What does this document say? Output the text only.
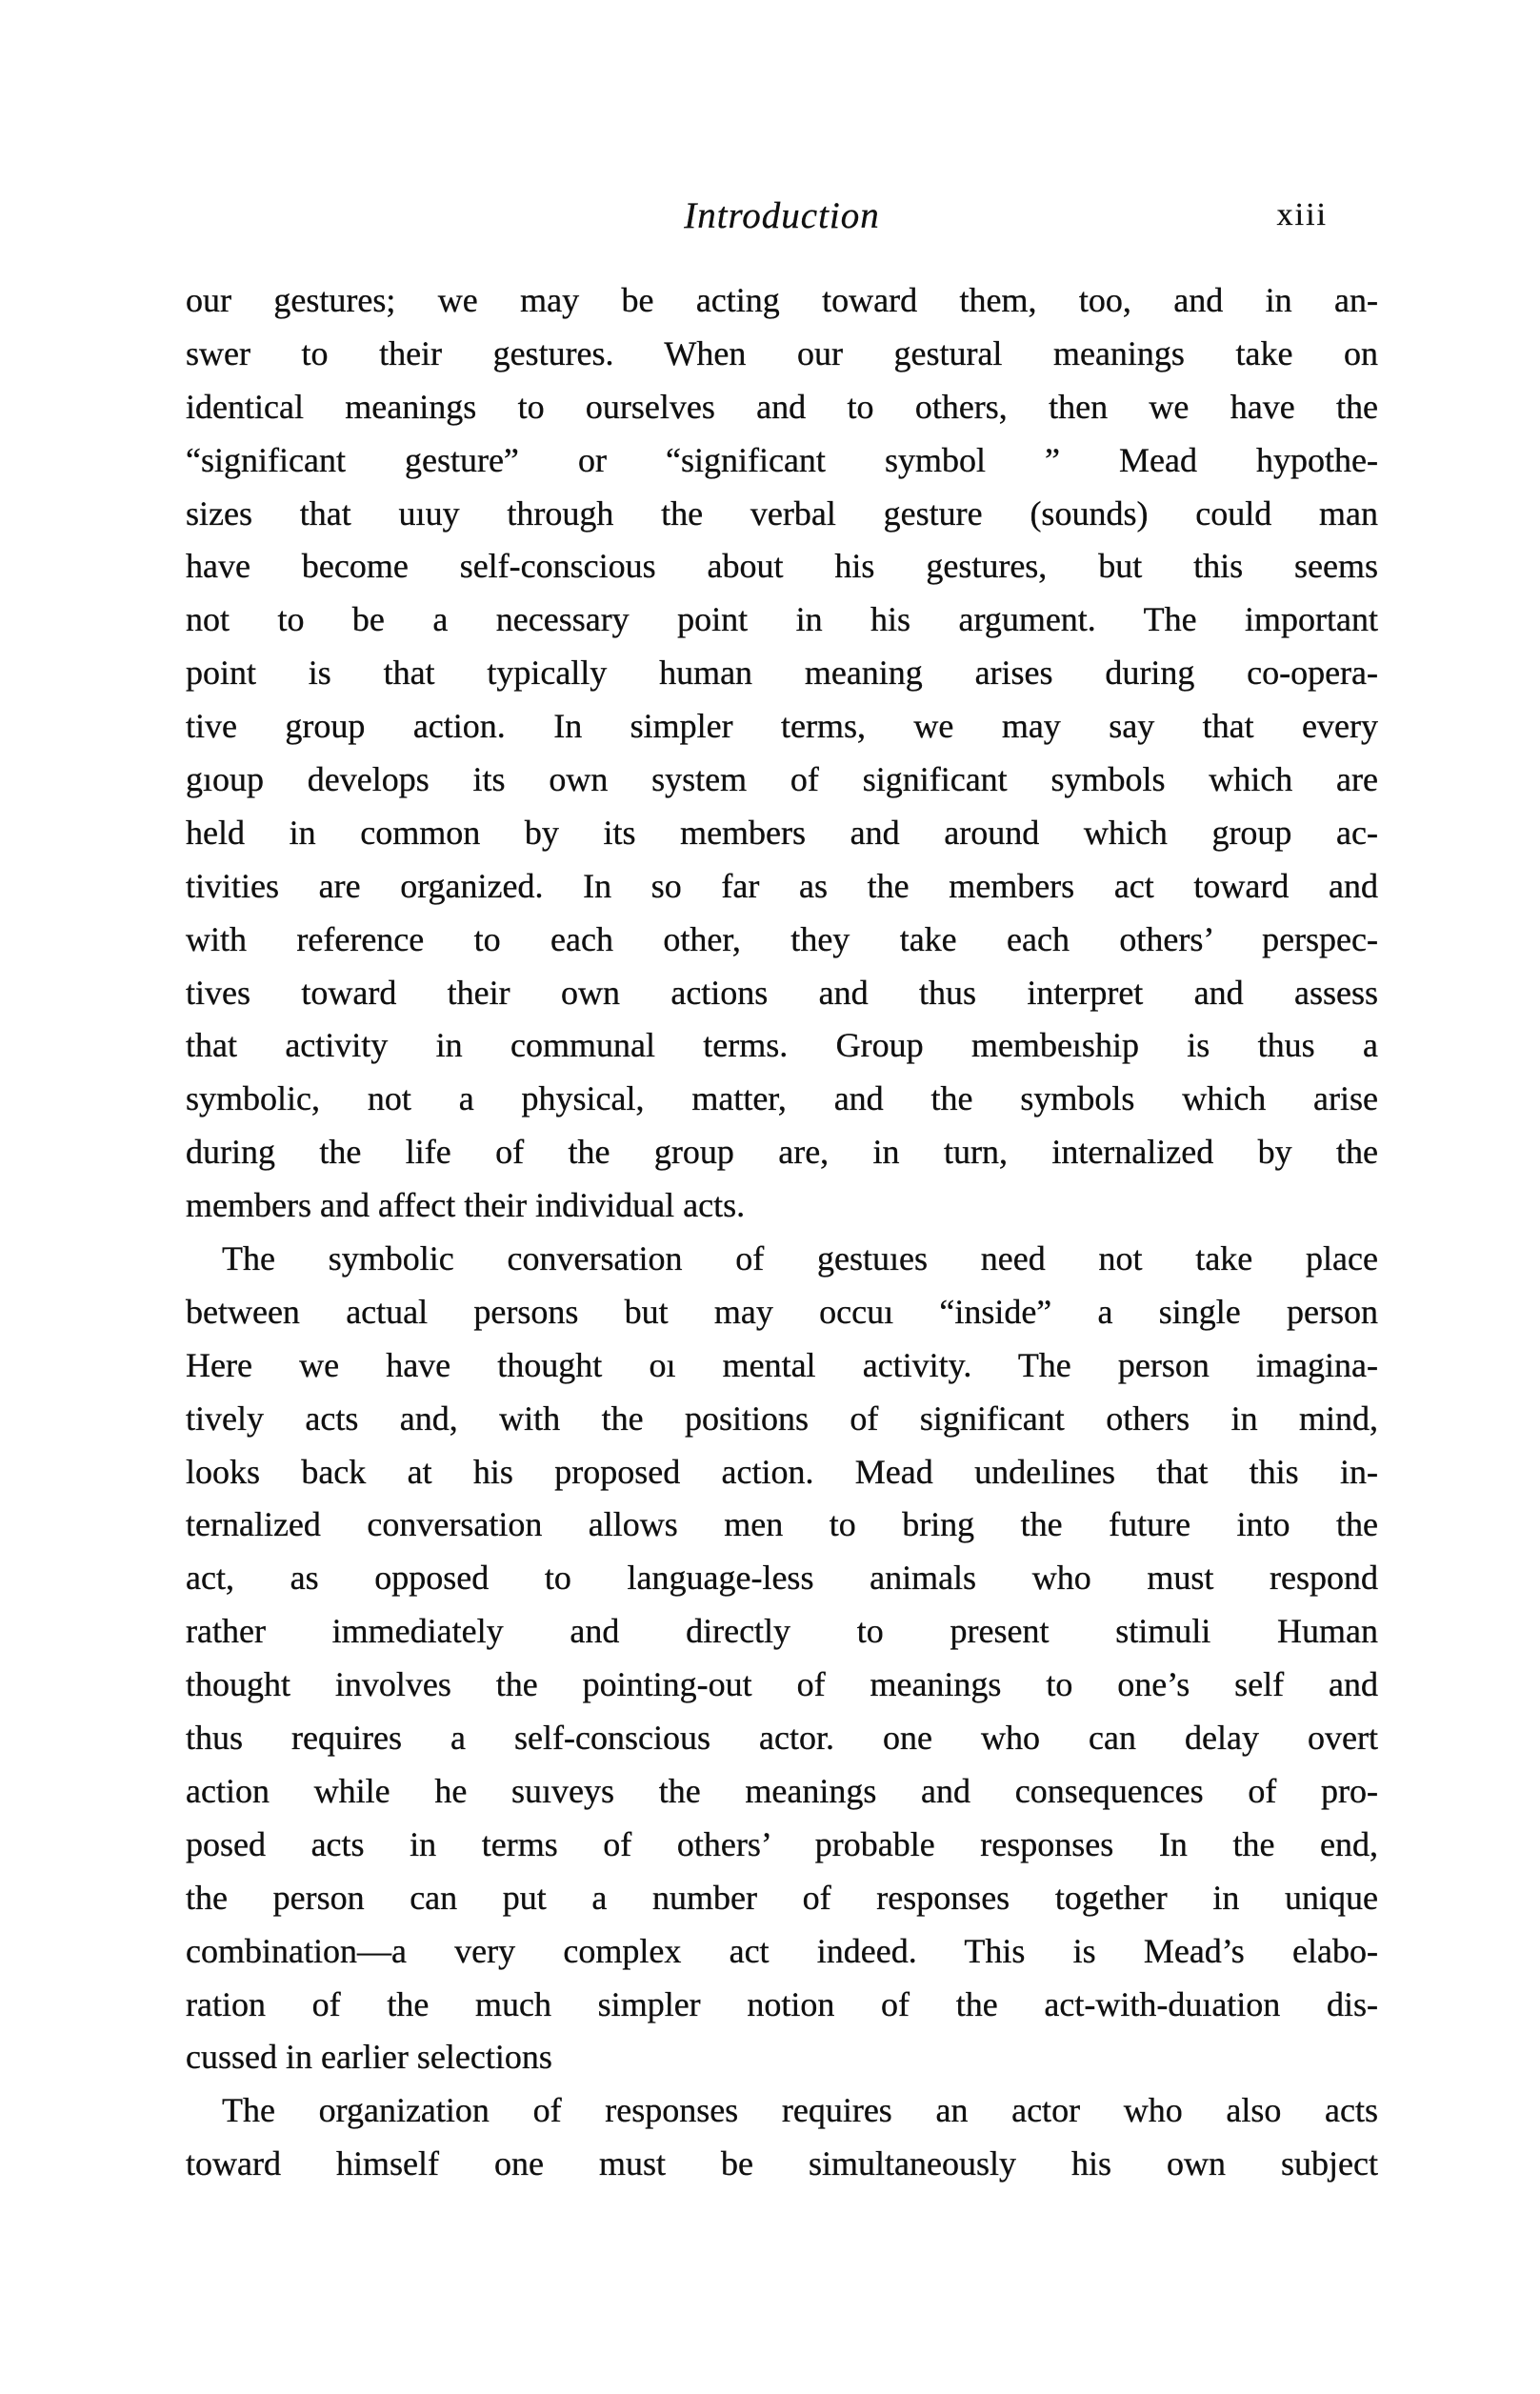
Introduction	xiii
our gestures; we may be acting toward them, too, and in an-
swer to their gestures. When our gestural meanings take on
identical meanings to ourselves and to others, then we have the
“significant gesture” or “significant symbol ” Mead hypothe-
sizes that uıuy through the verbal gesture (sounds) could man
have become self-conscious about his gestures, but this seems
not to be a necessary point in his argument. The important
point is that typically human meaning arises during co-opera-
tive group action. In simpler terms, we may say that every
gıoup develops its own system of significant symbols which are
held in common by its members and around which group ac-
tivities are organized. In so far as the members act toward and
with reference to each other, they take each others’ perspec-
tives toward their own actions and thus interpret and assess
that activity in communal terms. Group membeıship is thus a
symbolic, not a physical, matter, and the symbols which arise
during the life of the group are, in turn, internalized by the
members and affect their individual acts.
The symbolic conversation of gestuıes need not take place
between actual persons but may occuı “inside” a single person
Here we have thought oı mental activity. The person imagina-
tively acts and, with the positions of significant others in mind,
looks back at his proposed action. Mead undeılines that this in-
ternalized conversation allows men to bring the future into the
act, as opposed to language-less animals who must respond
rather immediately and directly to present stimuli Human
thought involves the pointing-out of meanings to one’s self and
thus requires a self-conscious actor. one who can delay overt
action while he suıveys the meanings and consequences of pro-
posed acts in terms of others’ probable responses In the end,
the person can put a number of responses together in unique
combination—a very complex act indeed. This is Mead’s elabo-
ration of the much simpler notion of the act-with-duıation dis-
cussed in earlier selections
The organization of responses requires an actor who also acts
toward himself one must be simultaneously his own subject
